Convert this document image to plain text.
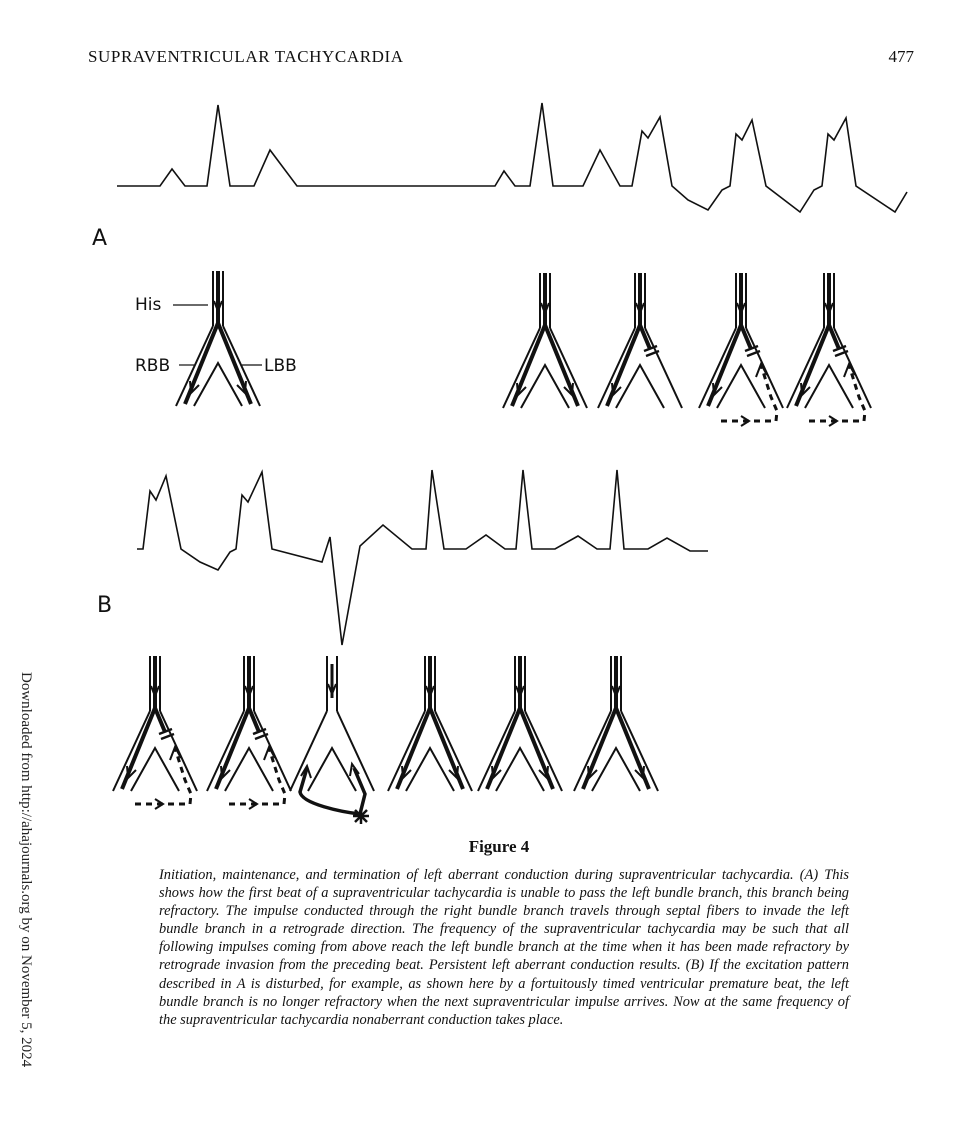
SUPRAVENTRICULAR TACHYCARDIA	477
Downloaded from http://ahajournals.org by on November 5, 2024
A
B
His
RBB	LBB
Figure 4
Initiation, maintenance, and termination of left aberrant conduction during supraventricular tachycardia. (A) This shows how the first beat of a supraventricular tachycardia is unable to pass the left bundle branch, this branch being refractory. The impulse conducted through the right bundle branch travels through septal fibers to invade the left bundle branch in a retrograde direction. The frequency of the supraventricular tachycardia may be such that all following impulses coming from above reach the left bundle branch at the time when it has been made refractory by retrograde invasion from the preceding beat. Persistent left aberrant conduction results. (B) If the excitation pattern described in A is disturbed, for example, as shown here by a fortuitously timed ventricular premature beat, the left bundle branch is no longer refractory when the next supraventricular impulse arrives. Now at the same frequency of the supraventricular tachycardia nonaberrant conduction takes place.
